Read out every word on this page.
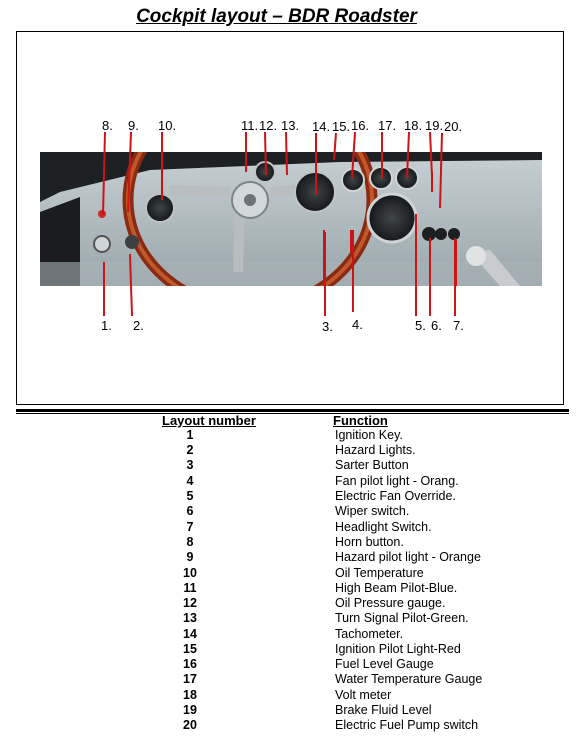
Cockpit layout – BDR Roadster
8. 9. 10.	11. 12. 13. 14. 15. 16. 17. 18. 19. 20.
1. 2.	3. 4.	5. 6. 7.
Layout number	Function
1	Ignition Key.
2	Hazard Lights.
3	Sarter Button
4	Fan pilot light - Orang.
5	Electric Fan Override.
6	Wiper switch.
7	Headlight Switch.
8	Horn button.
9	Hazard pilot light - Orange
10	Oil Temperature
11	High Beam Pilot-Blue.
12	Oil Pressure gauge.
13	Turn Signal Pilot-Green.
14	Tachometer.
15	Ignition Pilot Light-Red
16	Fuel Level Gauge
17	Water Temperature Gauge
18	Volt meter
19	Brake Fluid Level
20	Electric Fuel Pump switch
